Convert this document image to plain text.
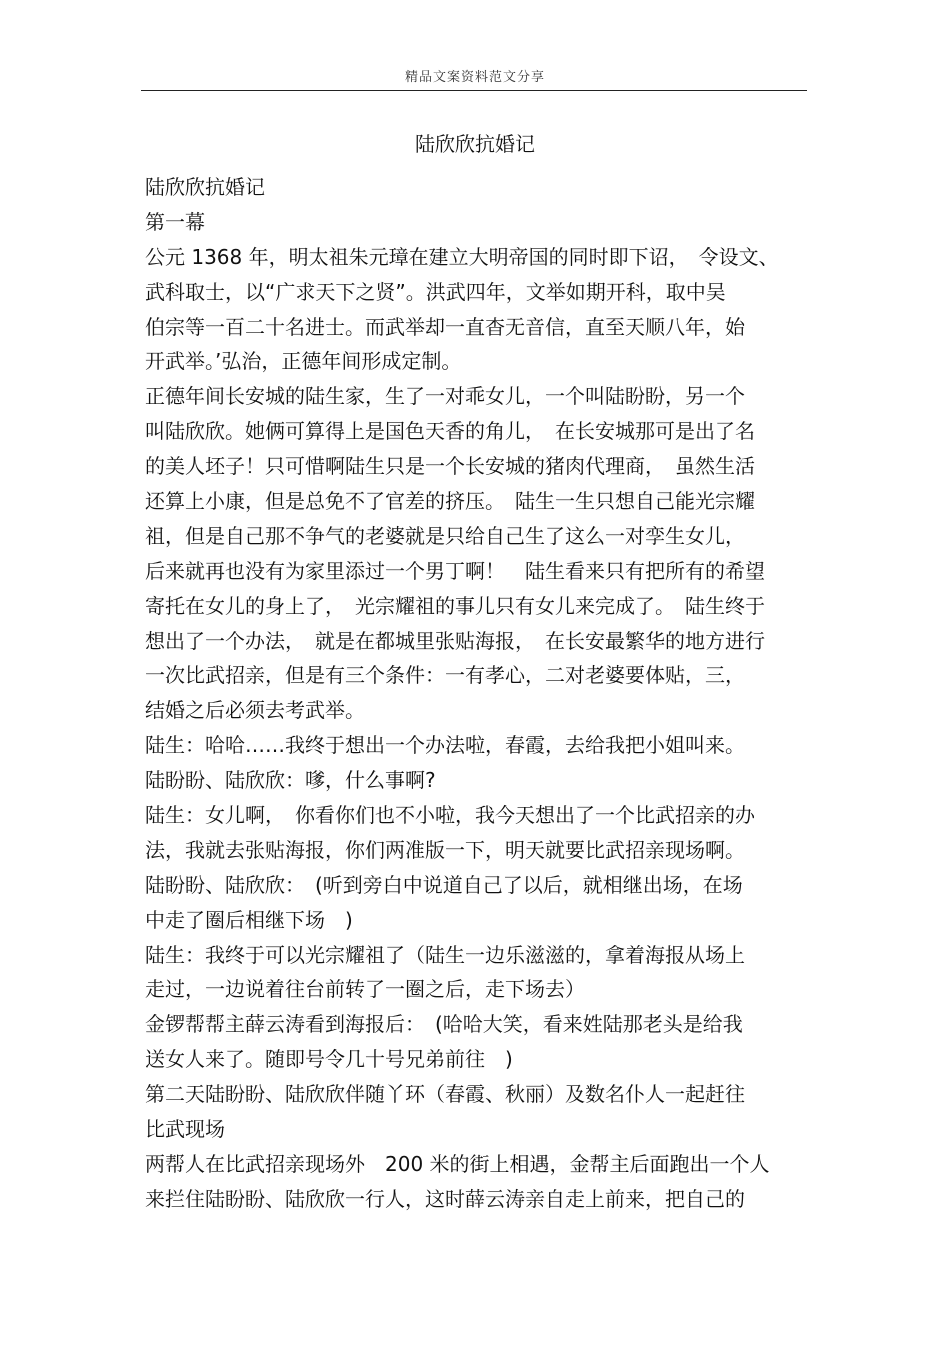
精品文案资料范文分享
陆欣欣抗婚记
陆欣欣抗婚记
第一幕
公元 1368 年，明太祖朱元璋在建立大明帝国的同时即下诏，　令设文、
武科取士，以“广求天下之贤”。洪武四年，文举如期开科，取中吴
伯宗等一百二十名进士。而武举却一直杳无音信，直至天顺八年，始
开武举。’弘治，正德年间形成定制。
正德年间长安城的陆生家，生了一对乖女儿，一个叫陆盼盼，另一个
叫陆欣欣。她俩可算得上是国色天香的角儿，　在长安城那可是出了名
的美人坯子！只可惜啊陆生只是一个长安城的猪肉代理商，　虽然生活
还算上小康，但是总免不了官差的挤压。　陆生一生只想自己能光宗耀
祖，但是自己那不争气的老婆就是只给自己生了这么一对孪生女儿，
后来就再也没有为家里添过一个男丁啊！　陆生看来只有把所有的希望
寄托在女儿的身上了，　光宗耀祖的事儿只有女儿来完成了。　陆生终于
想出了一个办法，　就是在都城里张贴海报，　在长安最繁华的地方进行
一次比武招亲，但是有三个条件：一有孝心，二对老婆要体贴，三，
结婚之后必须去考武举。
陆生：哈哈……我终于想出一个办法啦，春霞，去给我把小姐叫来。
陆盼盼、陆欣欣：嗲，什么事啊?
陆生：女儿啊，　你看你们也不小啦，我今天想出了一个比武招亲的办
法，我就去张贴海报，你们两准版一下，明天就要比武招亲现场啊。
陆盼盼、陆欣欣：　(听到旁白中说道自己了以后，就相继出场，在场
中走了圈后相继下场　)
陆生：我终于可以光宗耀祖了（陆生一边乐滋滋的，拿着海报从场上
走过，一边说着往台前转了一圈之后，走下场去）
金锣帮帮主薛云涛看到海报后：　(哈哈大笑，看来姓陆那老头是给我
送女人来了。随即号令几十号兄弟前往　)
第二天陆盼盼、陆欣欣伴随丫环（春霞、秋丽）及数名仆人一起赶往
比武现场
两帮人在比武招亲现场外　200 米的街上相遇，金帮主后面跑出一个人
来拦住陆盼盼、陆欣欣一行人，这时薛云涛亲自走上前来，把自己的
